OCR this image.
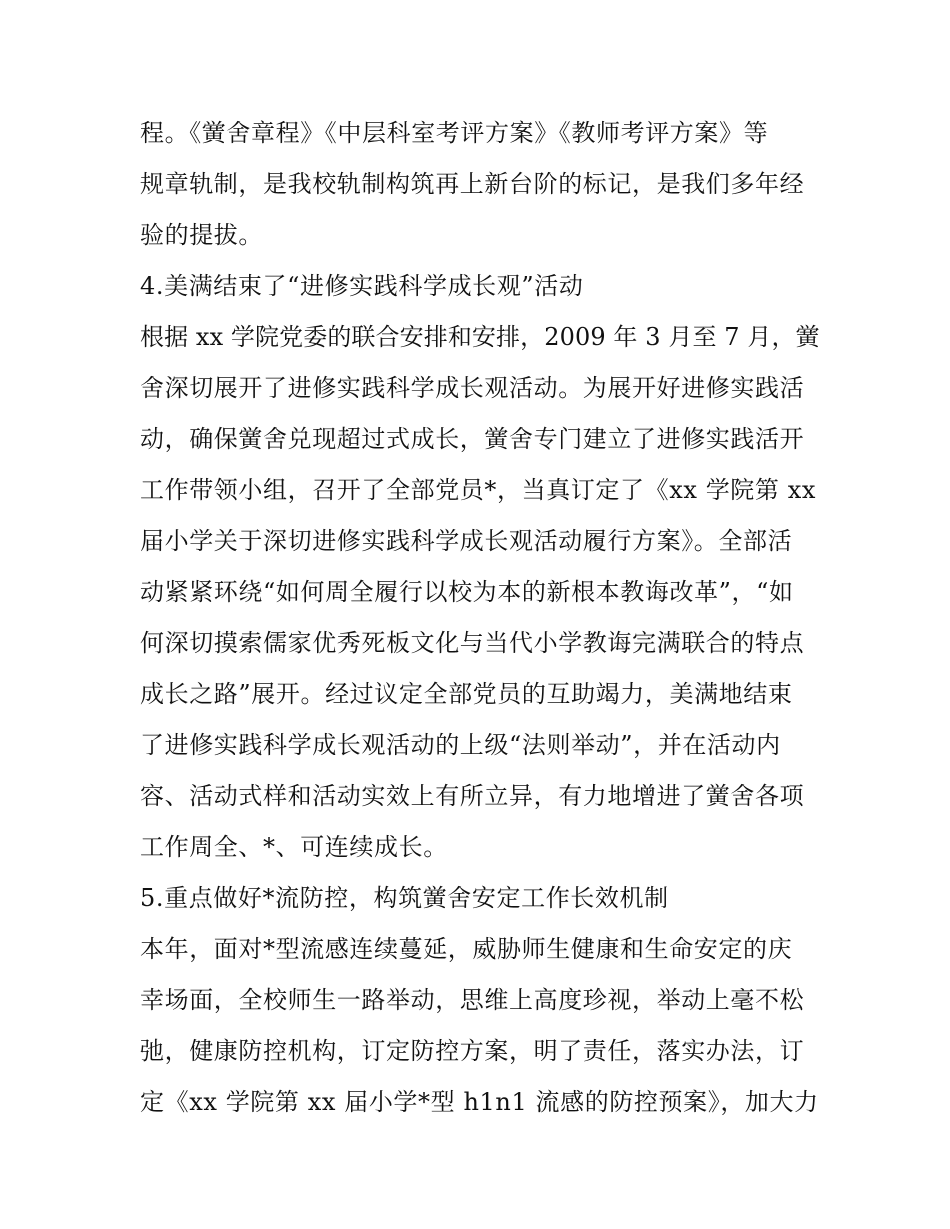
程。《黉舍章程》《中层科室考评方案》《教师考评方案》等
规章轨制，是我校轨制构筑再上新台阶的标记，是我们多年经
验的提拔。
4.美满结束了“进修实践科学成长观”活动
根据 xx 学院党委的联合安排和安排，2009 年 3 月至 7 月，黉
舍深切展开了进修实践科学成长观活动。为展开好进修实践活
动，确保黉舍兑现超过式成长，黉舍专门建立了进修实践活开
工作带领小组，召开了全部党员*，当真订定了《xx 学院第 xx
届小学关于深切进修实践科学成长观活动履行方案》。全部活
动紧紧环绕“如何周全履行以校为本的新根本教诲改革”，“如
何深切摸索儒家优秀死板文化与当代小学教诲完满联合的特点
成长之路”展开。经过议定全部党员的互助竭力，美满地结束
了进修实践科学成长观活动的上级“法则举动”，并在活动内
容、活动式样和活动实效上有所立异，有力地增进了黉舍各项
工作周全、*、可连续成长。
5.重点做好*流防控，构筑黉舍安定工作长效机制
本年，面对*型流感连续蔓延，威胁师生健康和生命安定的庆
幸场面，全校师生一路举动，思维上高度珍视，举动上毫不松
弛，健康防控机构，订定防控方案，明了责任，落实办法，订
定《xx 学院第 xx 届小学*型 h1n1 流感的防控预案》，加大力
